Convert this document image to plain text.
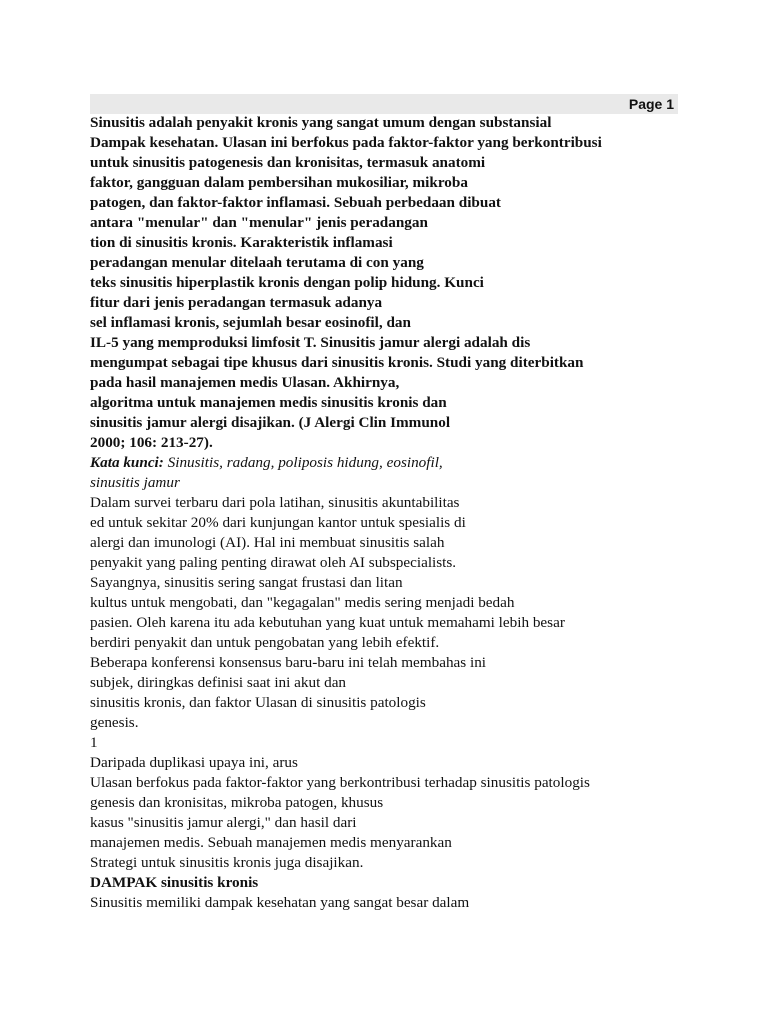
Page 1
Sinusitis adalah penyakit kronis yang sangat umum dengan substansial
Dampak kesehatan. Ulasan ini berfokus pada faktor-faktor yang berkontribusi
untuk sinusitis patogenesis dan kronisitas, termasuk anatomi
faktor, gangguan dalam pembersihan mukosiliar, mikroba
patogen, dan faktor-faktor inflamasi. Sebuah perbedaan dibuat
antara "menular" dan "menular" jenis peradangan
tion di sinusitis kronis. Karakteristik inflamasi
peradangan menular ditelaah terutama di con yang
teks sinusitis hiperplastik kronis dengan polip hidung. Kunci
fitur dari jenis peradangan termasuk adanya
sel inflamasi kronis, sejumlah besar eosinofil, dan
IL-5 yang memproduksi limfosit T. Sinusitis jamur alergi adalah dis
mengumpat sebagai tipe khusus dari sinusitis kronis. Studi yang diterbitkan
pada hasil manajemen medis Ulasan. Akhirnya,
algoritma untuk manajemen medis sinusitis kronis dan
sinusitis jamur alergi disajikan. (J Alergi Clin Immunol
2000; 106: 213-27).
Kata kunci: Sinusitis, radang, poliposis hidung, eosinofil,
sinusitis jamur
Dalam survei terbaru dari pola latihan, sinusitis akuntabilitas
ed untuk sekitar 20% dari kunjungan kantor untuk spesialis di
alergi dan imunologi (AI). Hal ini membuat sinusitis salah
penyakit yang paling penting dirawat oleh AI subspecialists.
Sayangnya, sinusitis sering sangat frustasi dan litan
kultus untuk mengobati, dan "kegagalan" medis sering menjadi bedah
pasien. Oleh karena itu ada kebutuhan yang kuat untuk memahami lebih besar
berdiri penyakit dan untuk pengobatan yang lebih efektif.
Beberapa konferensi konsensus baru-baru ini telah membahas ini
subjek, diringkas definisi saat ini akut dan
sinusitis kronis, dan faktor Ulasan di sinusitis patologis
genesis.
1
Daripada duplikasi upaya ini, arus
Ulasan berfokus pada faktor-faktor yang berkontribusi terhadap sinusitis patologis
genesis dan kronisitas, mikroba patogen, khusus
kasus "sinusitis jamur alergi," dan hasil dari
manajemen medis. Sebuah manajemen medis menyarankan
Strategi untuk sinusitis kronis juga disajikan.
DAMPAK sinusitis kronis
Sinusitis memiliki dampak kesehatan yang sangat besar dalam
